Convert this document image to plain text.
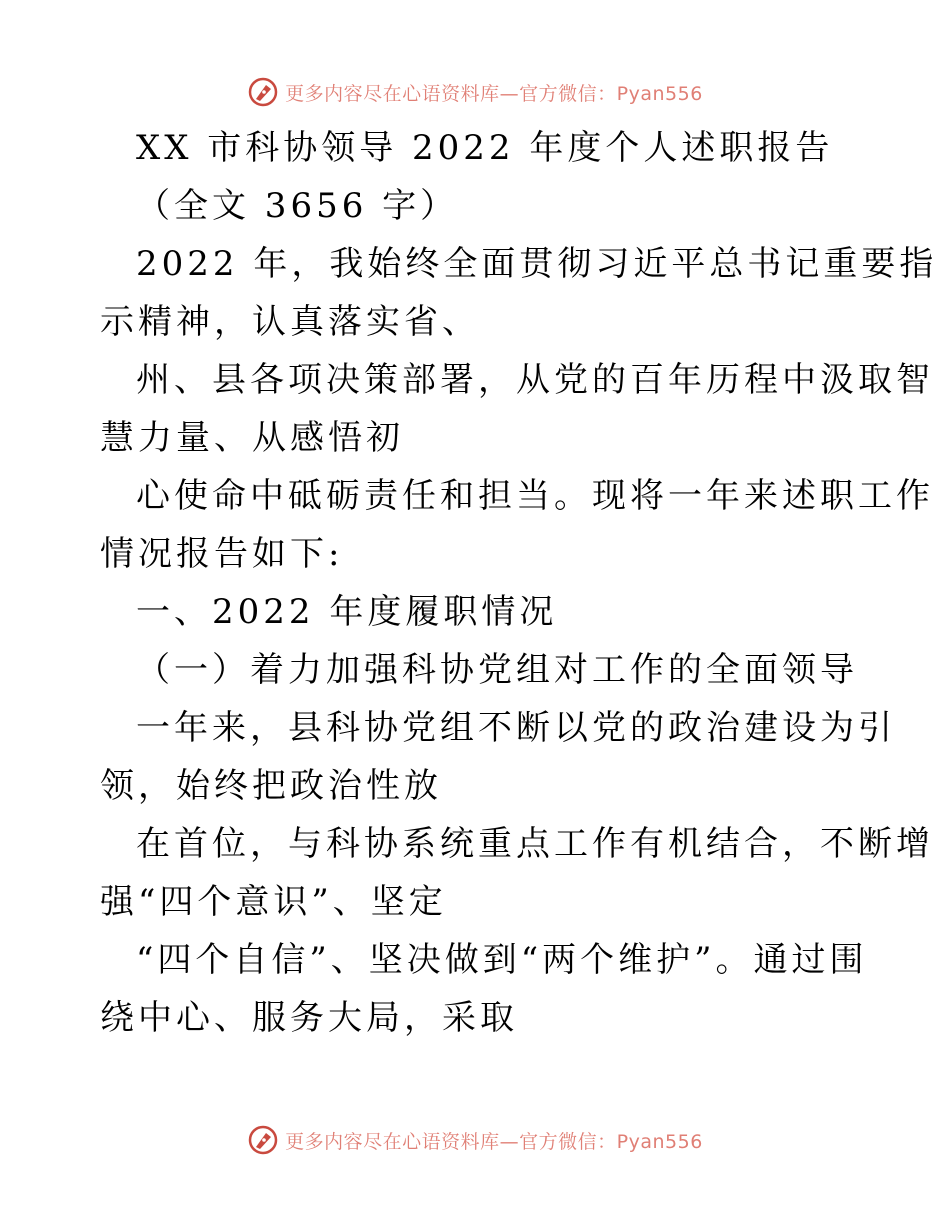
更多内容尽在心语资料库—官方微信：Pyan556
XX 市科协领导 2022 年度个人述职报告
（全文 3656 字）
2022 年，我始终全面贯彻习近平总书记重要指
示精神，认真落实省、
州、县各项决策部署，从党的百年历程中汲取智
慧力量、从感悟初
心使命中砥砺责任和担当。现将一年来述职工作
情况报告如下:
一、2022 年度履职情况
（一）着力加强科协党组对工作的全面领导
一年来，县科协党组不断以党的政治建设为引
领，始终把政治性放
在首位，与科协系统重点工作有机结合，不断增
强“四个意识”、坚定
“四个自信”、坚决做到“两个维护”。通过围
绕中心、服务大局，采取
更多内容尽在心语资料库—官方微信：Pyan556
